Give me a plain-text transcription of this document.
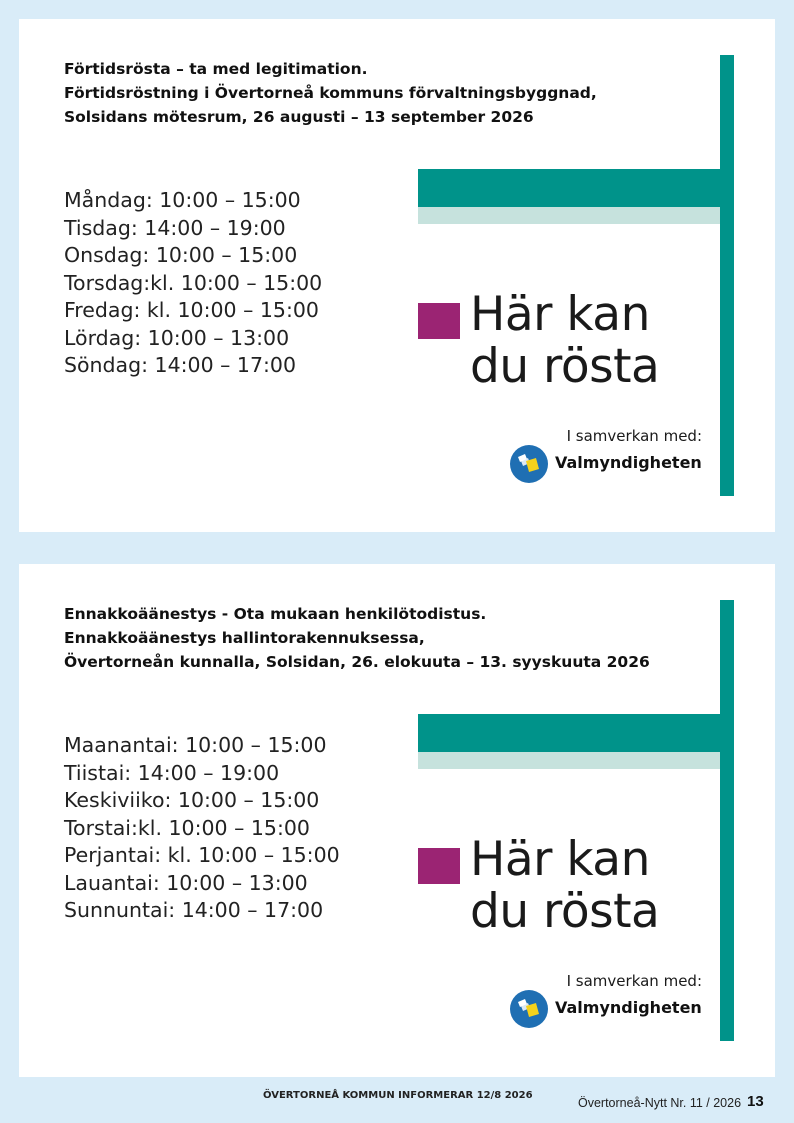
Förtidsrösta – ta med legitimation.
Förtidsröstning i Övertorneå kommuns förvaltningsbyggnad,
Solsidans mötesrum, 26 augusti – 13 september 2026
Måndag: 10:00 – 15:00
Tisdag: 14:00 – 19:00
Onsdag: 10:00 – 15:00
Torsdag:kl. 10:00 – 15:00
Fredag: kl. 10:00 – 15:00
Lördag: 10:00 – 13:00
Söndag: 14:00 – 17:00
Här kan
du rösta
I samverkan med:
Valmyndigheten
Ennakkoäänestys - Ota mukaan henkilötodistus.
Ennakkoäänestys hallintorakennuksessa,
Övertorneån kunnalla, Solsidan, 26. elokuuta – 13. syyskuuta 2026
Maanantai: 10:00 – 15:00
Tiistai: 14:00 – 19:00
Keskiviiko: 10:00 – 15:00
Torstai:kl. 10:00 – 15:00
Perjantai: kl. 10:00 – 15:00
Lauantai: 10:00 – 13:00
Sunnuntai: 14:00 – 17:00
Här kan
du rösta
I samverkan med:
Valmyndigheten
ÖVERTORNEÅ KOMMUN INFORMERAR 12/8 2026
Övertorneå-Nytt Nr. 11 / 2026 13
